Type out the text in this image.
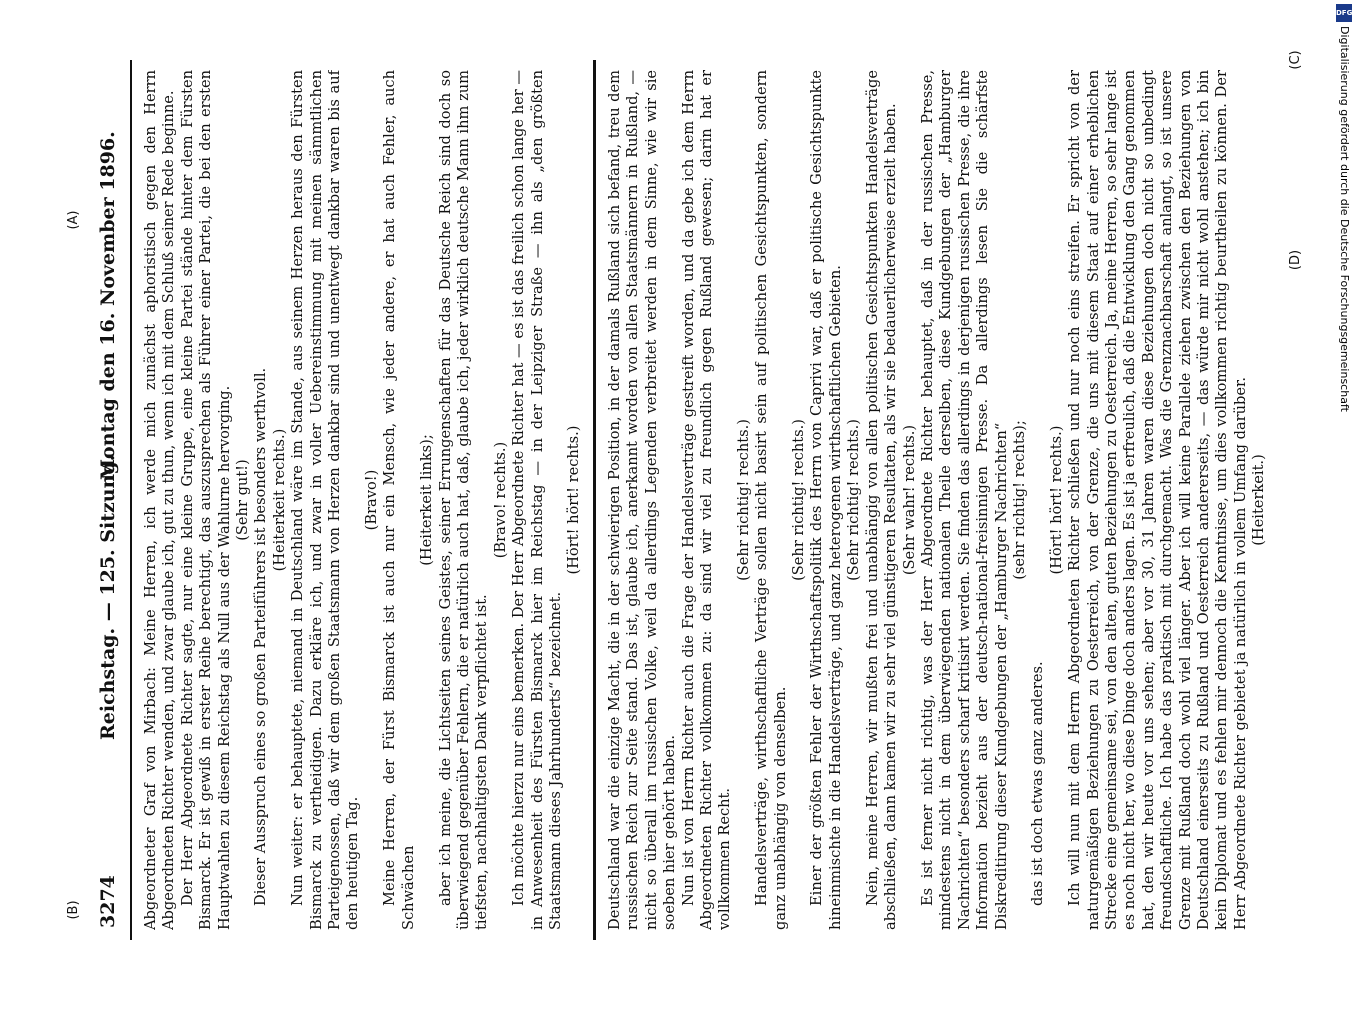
3274
Reichstag. — 125. Sitzung.
Montag den 16. November 1896.	Abgeordneter Graf von Mirbach: Meine Herren, ich werde mich zunächst aphoristisch gegen den Herrn Abgeordneten Richter wenden, und zwar glaube ich, gut zu thun, wenn ich mit dem Schluß seiner Rede beginne. Der Herr Abgeordnete Richter sagte, nur eine kleine Gruppe, eine kleine Partei stände hinter dem Fürsten Bismarck. Er ist gewiß in erster Reihe berechtigt, das auszusprechen als Führer einer Partei, die bei den ersten Hauptwahlen zu diesem Reichstag als Null aus der Wahlurne hervorging. (Sehr gut!) Dieser Ausspruch eines so großen Parteiführers ist besonders werthvoll. (Heiterkeit rechts.) Nun weiter: er behauptete, niemand in Deutschland wäre im Stande, aus seinem Herzen heraus den Fürsten Bismarck zu vertheidigen. Dazu erkläre ich, und zwar in voller Uebereinstimmung mit meinen sämmtlichen Parteigenossen, daß wir dem großen Staatsmann von Herzen dankbar sind und unentwegt dankbar waren bis auf den heutigen Tag.

(Bravo!) Meine Herren, der Fürst Bismarck ist auch nur ein Mensch, wie jeder andere, er hat auch Fehler, auch Schwächen

(Heiterkeit links); aber ich meine, die Lichtseiten seines Geistes, seiner Errungenschaften für das Deutsche Reich sind doch so überwiegend gegenüber Fehlern, die er natürlich auch hat, daß, glaube ich, jeder wirklich deutsche Mann ihm zum tiefsten, nachhaltigsten Dank verpflichtet ist.

(Bravo! rechts.) Ich möchte hierzu nur eins bemerken. Der Herr Abgeordnete Richter hat — es ist das freilich schon lange her — in Anwesenheit des Fürsten Bismarck hier im Reichstag — in der Leipziger Straße — ihn als „den größten Staatsmann dieses Jahrhunderts“ bezeichnet.

(Hört! hört! rechts.) Deutschland war die einzige Macht, die in der schwierigen Position, in der damals Rußland sich befand, treu dem russischen Reich zur Seite stand. Das ist, glaube ich, anerkannt worden von allen Staatsmännern in Rußland, — nicht so überall im russischen Volke, weil da allerdings Legenden verbreitet werden in dem Sinne, wie wir sie soeben hier gehört haben. Nun ist von Herrn Richter auch die Frage der Handelsverträge gestreift worden, und da gebe ich dem Herrn Abgeordneten Richter vollkommen zu: da sind wir viel zu freundlich gegen Rußland gewesen; darin hat er vollkommen Recht.

(Sehr richtig! rechts.) Handelsverträge, wirthschaftliche Verträge sollen nicht basirt sein auf politischen Gesichtspunkten, sondern ganz unabhängig von denselben.

(Sehr richtig! rechts.) Einer der größten Fehler der Wirthschaftspolitik des Herrn von Caprivi war, daß er politische Gesichtspunkte hineinmischte in die Handelsverträge, und ganz heterogenen wirthschaftlichen Gebieten. (Sehr richtig! rechts.) Nein, meine Herren, wir mußten frei und unabhängig von allen politischen Gesichtspunkten Handelsverträge abschließen, dann kamen wir zu sehr viel günstigeren Resultaten, als wir sie bedauerlicherweise erzielt haben. (Sehr wahr! rechts.) Es ist ferner nicht richtig, was der Herr Abgeordnete Richter behauptet, daß in der russischen Presse, mindestens nicht in dem überwiegenden nationalen Theile derselben, diese Kundgebungen der „Hamburger Nachrichten“ besonders scharf kritisirt werden. Sie finden das allerdings in derjenigen russischen Presse, die ihre Information bezieht aus der deutsch-national-freisinnigen Presse. Da allerdings lesen Sie die schärfste Diskreditirung dieser Kundgebungen der „Hamburger Nachrichten“ (sehr richtig! rechts);

das ist doch etwas ganz anderes.

(Hört! hört! rechts.) Ich will nun mit dem Herrn Abgeordneten Richter schließen und nur noch eins streifen. Er spricht von der naturgemäßigen Beziehungen zu Oesterreich, von der Grenze, die uns mit diesem Staat auf einer erheblichen Strecke eine gemeinsame sei, von den alten, guten Beziehungen zu Oesterreich. Ja, meine Herren, so sehr lange ist es noch nicht her, wo diese Dinge doch anders lagen. Es ist ja erfreulich, daß die Entwicklung den Gang genommen hat, den wir heute vor uns sehen; aber vor 30, 31 Jahren waren diese Beziehungen doch nicht so unbedingt freundschaftliche. Ich habe das praktisch mit durchgemacht. Was die Grenznachbarschaft anlangt, so ist unsere Grenze mit Rußland doch wohl viel länger. Aber ich will keine Parallele ziehen zwischen den Beziehungen von Deutschland einerseits zu Rußland und Oesterreich andererseits, — das würde mir nicht wohl anstehen; ich bin kein Diplomat und es fehlen mir dennoch die Kenntnisse, um dies vollkommen richtig beurtheilen zu können. Der Herr Abgeordnete Richter gebietet ja natürlich in vollem Umfang darüber. (Heiterkeit.)

(A)
(B)
(C)
(D)
DFG
Digitalisierung gefördert durch die Deutsche Forschungsgemeinschaft
